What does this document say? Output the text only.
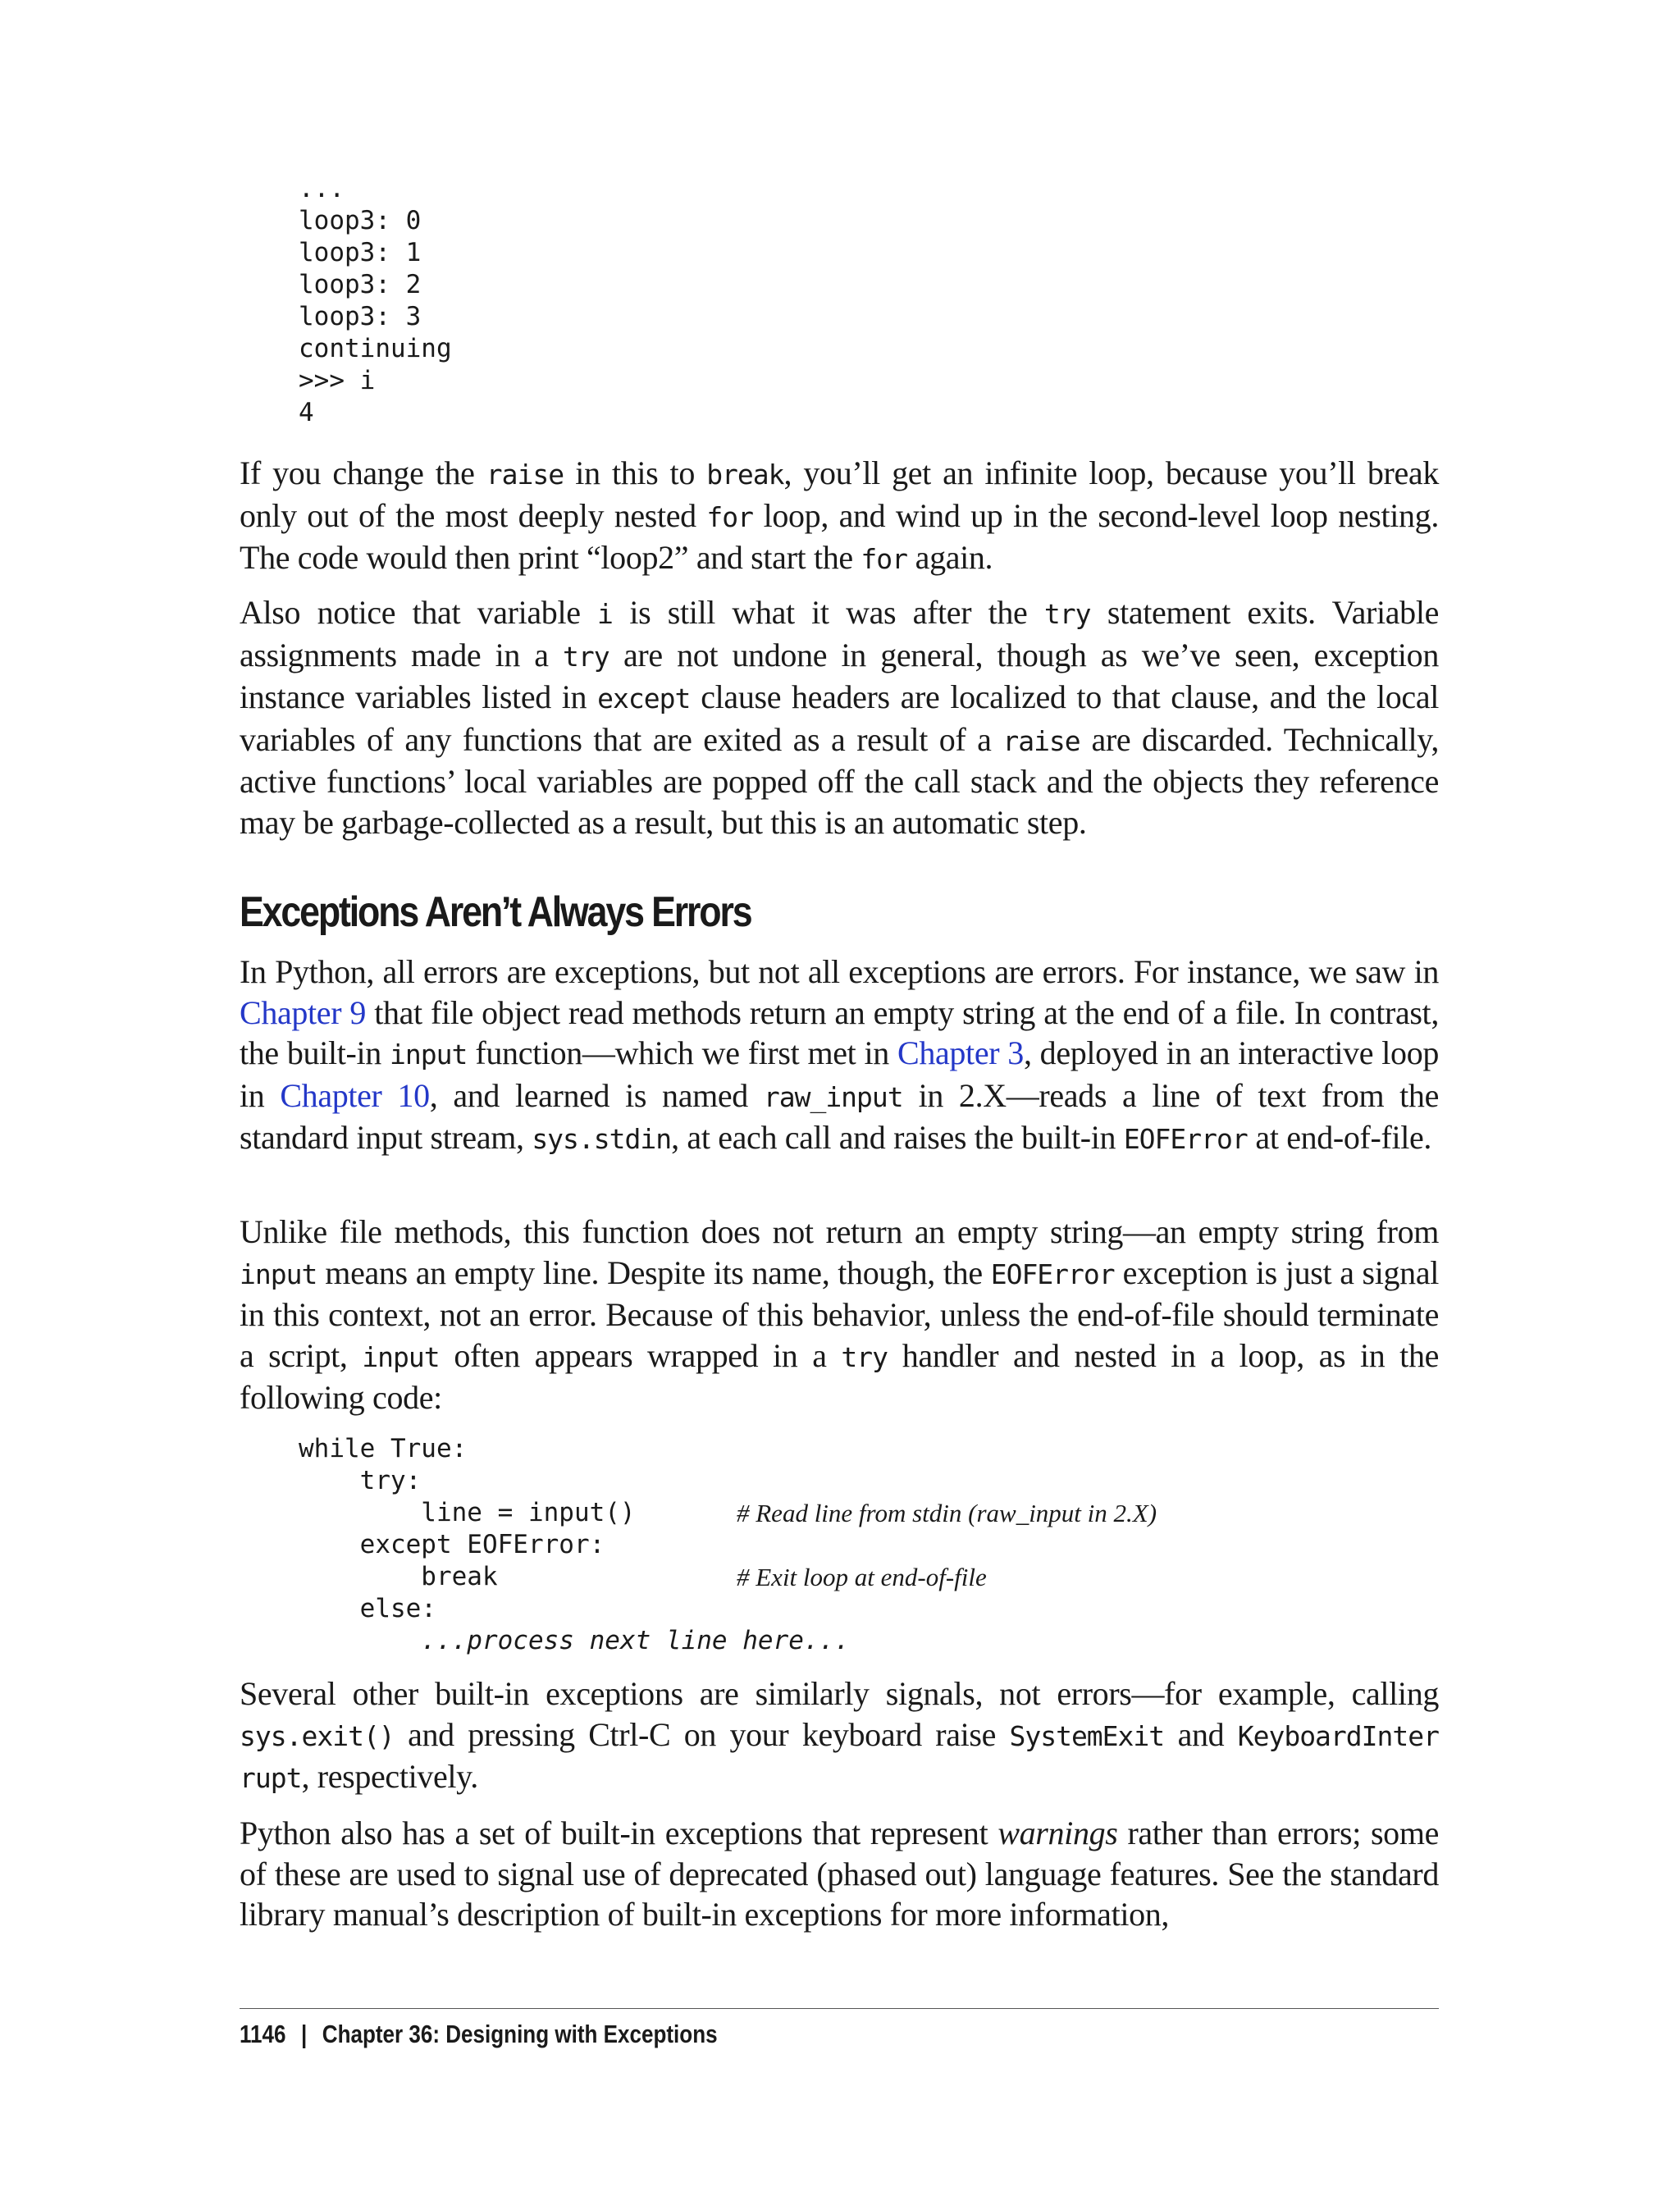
...
loop3: 0
loop3: 1
loop3: 2
loop3: 3
continuing
>>> i
4

If you change the raise in this to break, you’ll get an infinite loop, because you’ll break only out of the most deeply nested for loop, and wind up in the second-level loop nesting. The code would then print “loop2” and start the for again.

Also notice that variable i is still what it was after the try statement exits. Variable assignments made in a try are not undone in general, though as we’ve seen, exception instance variables listed in except clause headers are localized to that clause, and the local variables of any functions that are exited as a result of a raise are discarded. Technically, active functions’ local variables are popped off the call stack and the objects they reference may be garbage-collected as a result, but this is an automatic step.

Exceptions Aren’t Always Errors

In Python, all errors are exceptions, but not all exceptions are errors. For instance, we saw in Chapter 9 that file object read methods return an empty string at the end of a file. In contrast, the built-in input function—which we first met in Chapter 3, deployed in an interactive loop in Chapter 10, and learned is named raw_input in 2.X—reads a line of text from the standard input stream, sys.stdin, at each call and raises the built-in EOFError at end-of-file.

Unlike file methods, this function does not return an empty string—an empty string from input means an empty line. Despite its name, though, the EOFError exception is just a signal in this context, not an error. Because of this behavior, unless the end-of-file should terminate a script, input often appears wrapped in a try handler and nested in a loop, as in the following code:

while True:
try:
line = input()	# Read line from stdin (raw_input in 2.X)
except EOFError:
break	# Exit loop at end-of-file
else:
...process next line here...

Several other built-in exceptions are similarly signals, not errors—for example, calling sys.exit() and pressing Ctrl-C on your keyboard raise SystemExit and KeyboardInter rupt, respectively.

Python also has a set of built-in exceptions that represent warnings rather than errors; some of these are used to signal use of deprecated (phased out) language features. See the standard library manual’s description of built-in exceptions for more information,

1146 | Chapter 36: Designing with Exceptions
